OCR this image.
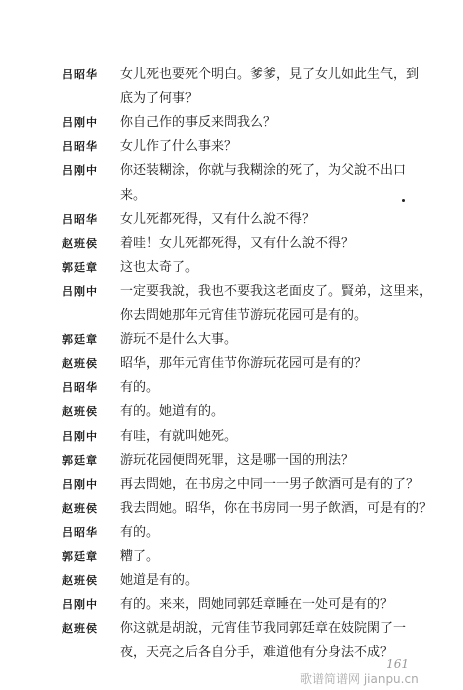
吕昭华	女儿死也要死个明白。爹爹，見了女儿如此生气，到
底为了何事？
吕刚中	你自己作的事反来問我么？
吕昭华	女儿作了什么事来？
吕刚中	你还装糊涂，你就与我糊涂的死了，为父說不出口
来。
吕昭华	女儿死都死得，又有什么說不得？
赵班侯	着哇！女儿死都死得，又有什么說不得？
郭廷章	这也太奇了。
吕刚中	一定要我說，我也不要我这老面皮了。賢弟，这里来，
你去問她那年元宵佳节游玩花园可是有的。
郭廷章	游玩不是什么大事。
赵班侯	昭华，那年元宵佳节你游玩花园可是有的？
吕昭华	有的。
赵班侯	有的。她道有的。
吕刚中	有哇，有就叫她死。
郭廷章	游玩花园便問死罪，这是哪一国的刑法？
吕刚中	再去問她，在书房之中同一一男子飲酒可是有的了？
赵班侯	我去問她。昭华，你在书房同一男子飲酒，可是有的？
吕昭华	有的。
郭廷章	糟了。
赵班侯	她道是有的。
吕刚中	有的。来来，問她同郭廷章睡在一处可是有的？
赵班侯	你这就是胡說，元宵佳节我同郭廷章在妓院閑了一
夜，天亮之后各自分手，难道他有分身法不成？
161
歌谱简谱网 jianpu.cn
